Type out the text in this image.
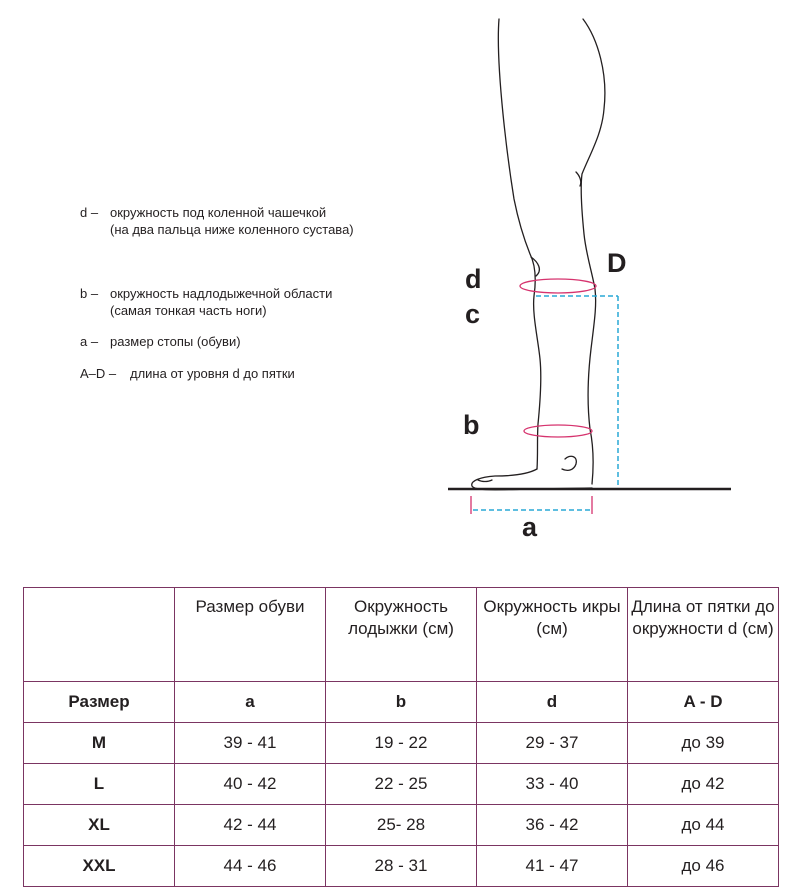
d – окружность под коленной чашечкой
(на два пальца ниже коленного сустава)
b – окружность надлодыжечной области
(самая тонкая часть ноги)
a – размер стопы (обуви)
A–D – длина от уровня d до пятки
d
c
b
a
D
	Размер обуви	Окружность лодыжки (см)	Окружность икры (см)	Длина от пятки до окружности d (см)
Размер	a	b	d	A - D
M	39 - 41	19 - 22	29 - 37	до 39
L	40 - 42	22 - 25	33 - 40	до 42
XL	42 - 44	25- 28	36 - 42	до 44
XXL	44 - 46	28 - 31	41 - 47	до 46
